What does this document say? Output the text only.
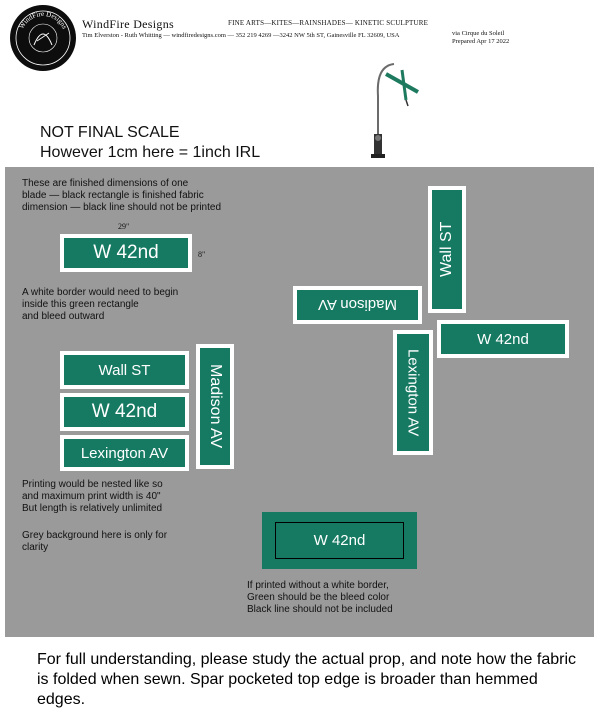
WindFire Designs WindFire Designs	FINE ARTS—KITES—RAINSHADES— KINETIC SCULPTURE
Tim Elverston - Ruth Whitting — windfiredesigns.com — 352 219 4269 —3242 NW 5th ST, Gainesville FL 32609, USA	via Cirque du Soleil
Prepared Apr 17 2022
NOT FINAL SCALE
However 1cm here = 1inch IRL
These are finished dimensions of one
blade — black rectangle is finished fabric
dimension — black line should not be printed
29"
W 42nd	8"
A white border would need to begin
inside this green rectangle
and bleed outward
Wall ST
W 42nd
Lexington AV
Madison AV
Wall ST
Madison AV
W 42nd
Lexington AV
Printing would be nested like so
and maximum print width is 40"
But length is relatively unlimited
Grey background here is only for
clarity	W 42nd
If printed without a white border,
Green should be the bleed color
Black line should not be included
For full understanding, please study the actual prop, and note how the fabric is folded when sewn. Spar pocketed top edge is broader than hemmed edges.
